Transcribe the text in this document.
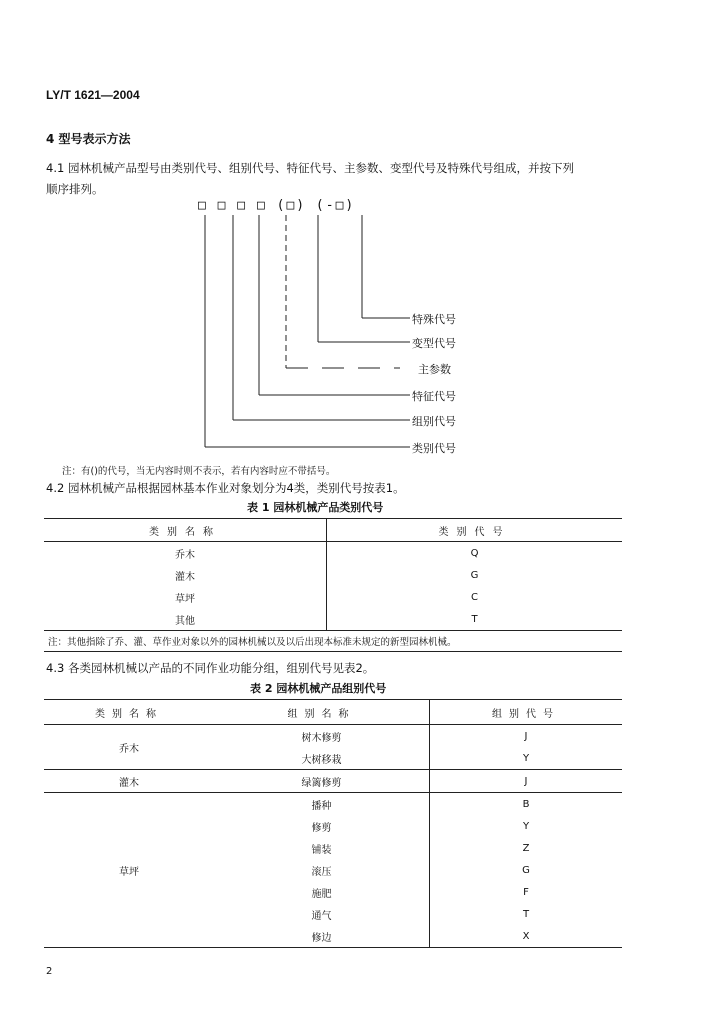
LY/T 1621—2004
4 型号表示方法
4.1 园林机械产品型号由类别代号、组别代号、特征代号、主参数、变型代号及特殊代号组成，并按下列
顺序排列。
□ □ □ □ (□) (-□)
特殊代号
变型代号
主参数
特征代号
组别代号
类别代号
注：有()的代号，当无内容时则不表示，若有内容时应不带括号。
4.2 园林机械产品根据园林基本作业对象划分为4类，类别代号按表1。
表 1 园林机械产品类别代号
类别名称	类别代号
乔木	Q
灌木	G
草坪	C
其他	T
注：其他指除了乔、灌、草作业对象以外的园林机械以及以后出现本标准未规定的新型园林机械。	
4.3 各类园林机械以产品的不同作业功能分组，组别代号见表2。
表 2 园林机械产品组别代号
类别名称	组别名称	组别代号
乔木	树木修剪	J
	大树移栽	Y
灌木	绿篱修剪	J
草坪	播种	B
	修剪	Y
	铺装	Z
	滚压	G
	施肥	F
	通气	T
	修边	X
2
